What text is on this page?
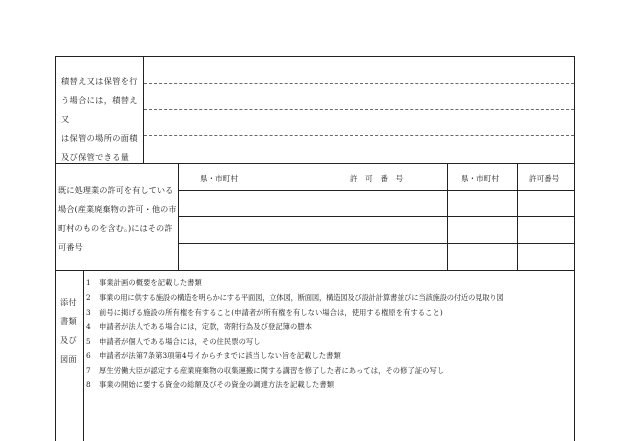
積替え又は保管を行
う場合には，積替え又
は保管の場所の面積
及び保管できる量
県・市町村	許　可　番　号	県・市町村	許可番号
既に処理業の許可を有している
場合(産業廃棄物の許可・他の市
町村のものを含む。)にはその許
可番号
添付
書類
及び
図面
1 事業計画の概要を記載した書類
2 事業の用に供する施設の構造を明らかにする平面図，立体図，断面図，構造図及び設計計算書並びに当該施設の付近の見取り図
3 前号に掲げる施設の所有権を有すること(申請者が所有権を有しない場合は，使用する権原を有すること)
4 申請者が法人である場合には，定款，寄附行為及び登記簿の謄本
5 申請者が個人である場合には，その住民票の写し
6 申請者が法第7条第3項第4号イからチまでに該当しない旨を記載した書類
7 厚生労働大臣が認定する産業廃棄物の収集運搬に関する講習を修了した者にあっては，その修了証の写し
8 事業の開始に要する資金の総額及びその資金の調達方法を記載した書類
